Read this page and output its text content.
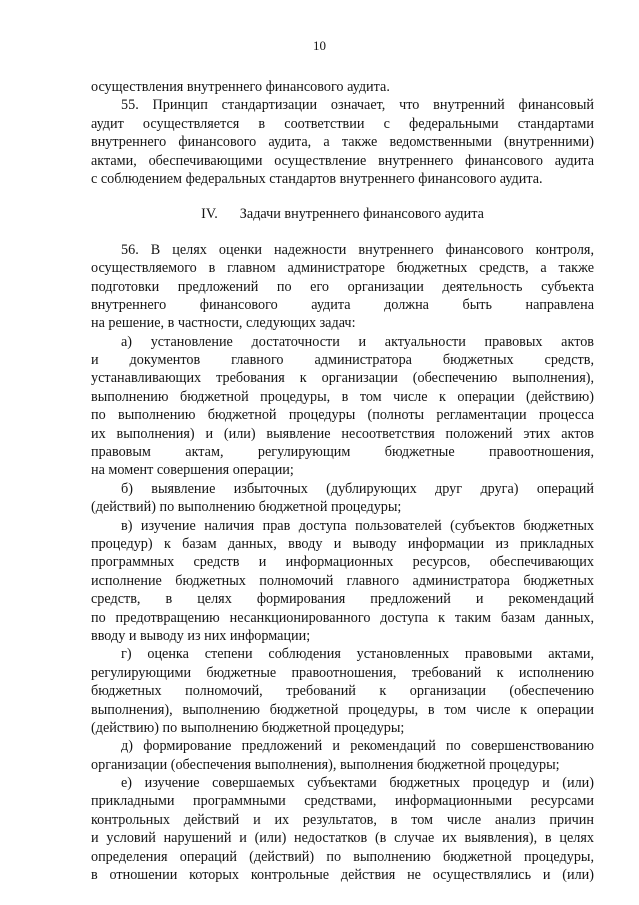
10
осуществления внутреннего финансового аудита.
55. Принцип стандартизации означает, что внутренний финансовый
аудит осуществляется в соответствии с федеральными стандартами
внутреннего финансового аудита, а также ведомственными (внутренними)
актами, обеспечивающими осуществление внутреннего финансового аудита
с соблюдением федеральных стандартов внутреннего финансового аудита.
IV. Задачи внутреннего финансового аудита
56. В целях оценки надежности внутреннего финансового контроля,
осуществляемого в главном администраторе бюджетных средств, а также
подготовки предложений по его организации деятельность субъекта
внутреннего финансового аудита должна быть направлена
на решение, в частности, следующих задач:
а) установление достаточности и актуальности правовых актов
и документов главного администратора бюджетных средств,
устанавливающих требования к организации (обеспечению выполнения),
выполнению бюджетной процедуры, в том числе к операции (действию)
по выполнению бюджетной процедуры (полноты регламентации процесса
их выполнения) и (или) выявление несоответствия положений этих актов
правовым актам, регулирующим бюджетные правоотношения,
на момент совершения операции;
б) выявление избыточных (дублирующих друг друга) операций
(действий) по выполнению бюджетной процедуры;
в) изучение наличия прав доступа пользователей (субъектов бюджетных
процедур) к базам данных, вводу и выводу информации из прикладных
программных средств и информационных ресурсов, обеспечивающих
исполнение бюджетных полномочий главного администратора бюджетных
средств, в целях формирования предложений и рекомендаций
по предотвращению несанкционированного доступа к таким базам данных,
вводу и выводу из них информации;
г) оценка степени соблюдения установленных правовыми актами,
регулирующими бюджетные правоотношения, требований к исполнению
бюджетных полномочий, требований к организации (обеспечению
выполнения), выполнению бюджетной процедуры, в том числе к операции
(действию) по выполнению бюджетной процедуры;
д) формирование предложений и рекомендаций по совершенствованию
организации (обеспечения выполнения), выполнения бюджетной процедуры;
е) изучение совершаемых субъектами бюджетных процедур и (или)
прикладными программными средствами, информационными ресурсами
контрольных действий и их результатов, в том числе анализ причин
и условий нарушений и (или) недостатков (в случае их выявления), в целях
определения операций (действий) по выполнению бюджетной процедуры,
в отношении которых контрольные действия не осуществлялись и (или)
